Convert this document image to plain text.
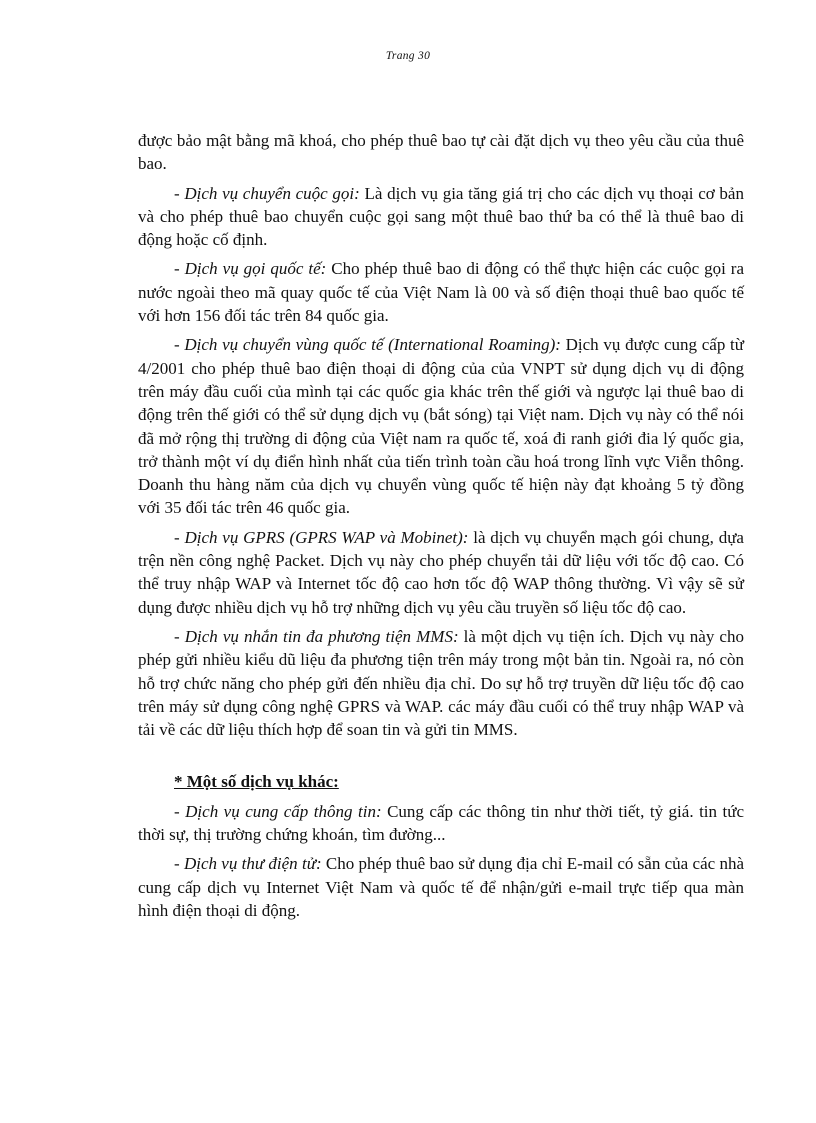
Trang 30

được bảo mật bằng mã khoá, cho phép thuê bao tự cài đặt dịch vụ theo yêu cầu của thuê bao.

- Dịch vụ chuyển cuộc gọi: Là dịch vụ gia tăng giá trị cho các dịch vụ thoại cơ bản và cho phép thuê bao chuyển cuộc gọi sang một thuê bao thứ ba có thể là thuê bao di động hoặc cố định.

- Dịch vụ gọi quốc tế: Cho phép thuê bao di động có thể thực hiện các cuộc gọi ra nước ngoài theo mã quay quốc tế của Việt Nam là 00 và số điện thoại thuê bao quốc tế với hơn 156 đối tác trên 84 quốc gia.

- Dịch vụ chuyển vùng quốc tế (International Roaming): Dịch vụ được cung cấp từ 4/2001 cho phép thuê bao điện thoại di động của của VNPT sử dụng dịch vụ di động trên máy đầu cuối của mình tại các quốc gia khác trên thế giới và ngược lại thuê bao di động trên thế giới có thể sử dụng dịch vụ (bắt sóng) tại Việt nam. Dịch vụ này có thể nói đã mở rộng thị trường di động của Việt nam ra quốc tế, xoá đi ranh giới đia lý quốc gia, trở thành một ví dụ điển hình nhất của tiến trình toàn cầu hoá trong lĩnh vực Viễn thông. Doanh thu hàng năm của dịch vụ chuyển vùng quốc tế hiện này đạt khoảng 5 tỷ đồng với 35 đối tác trên 46 quốc gia.

- Dịch vụ GPRS (GPRS WAP và Mobinet): là dịch vụ chuyển mạch gói chung, dựa trện nền công nghệ Packet. Dịch vụ này cho phép chuyển tải dữ liệu với tốc độ cao. Có thể truy nhập WAP và Internet tốc độ cao hơn tốc độ WAP thông thường. Vì vậy sẽ sử dụng được nhiều dịch vụ hỗ trợ những dịch vụ yêu cầu truyền số liệu tốc độ cao.

- Dịch vụ nhắn tin đa phương tiện MMS: là một dịch vụ tiện ích. Dịch vụ này cho phép gửi nhiều kiểu dũ liệu đa phương tiện trên máy trong một bản tin. Ngoài ra, nó còn hỗ trợ chức năng cho phép gửi đến nhiều địa chỉ. Do sự hỗ trợ truyền dữ liệu tốc độ cao trên máy sử dụng công nghệ GPRS và WAP. các máy đầu cuối có thể truy nhập WAP và tải về các dữ liệu thích hợp để soan tin và gửi tin MMS.

* Một số dịch vụ khác:

- Dịch vụ cung cấp thông tin: Cung cấp các thông tin như thời tiết, tỷ giá. tin tức thời sự, thị trường chứng khoán, tìm đường...

- Dịch vụ thư điện tử: Cho phép thuê bao sử dụng địa chỉ E-mail có sẵn của các nhà cung cấp dịch vụ Internet Việt Nam và quốc tế để nhận/gửi e-mail trực tiếp qua màn hình điện thoại di động.
